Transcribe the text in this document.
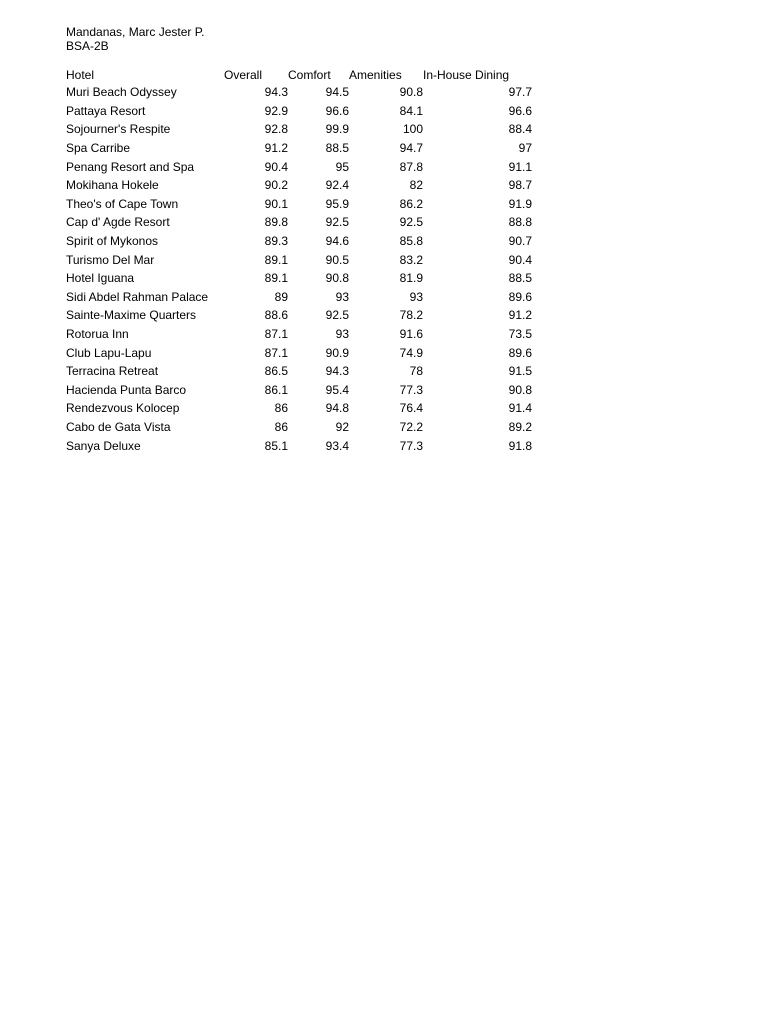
Mandanas, Marc Jester P.
BSA-2B
Hotel	Overall	Comfort	Amenities	In-House Dining
Muri Beach Odyssey	94.3	94.5	90.8	97.7
Pattaya Resort	92.9	96.6	84.1	96.6
Sojourner's Respite	92.8	99.9	100	88.4
Spa Carribe	91.2	88.5	94.7	97
Penang Resort and Spa	90.4	95	87.8	91.1
Mokihana Hokele	90.2	92.4	82	98.7
Theo's of Cape Town	90.1	95.9	86.2	91.9
Cap d' Agde Resort	89.8	92.5	92.5	88.8
Spirit of Mykonos	89.3	94.6	85.8	90.7
Turismo Del Mar	89.1	90.5	83.2	90.4
Hotel Iguana	89.1	90.8	81.9	88.5
Sidi Abdel Rahman Palace	89	93	93	89.6
Sainte-Maxime Quarters	88.6	92.5	78.2	91.2
Rotorua Inn	87.1	93	91.6	73.5
Club Lapu-Lapu	87.1	90.9	74.9	89.6
Terracina Retreat	86.5	94.3	78	91.5
Hacienda Punta Barco	86.1	95.4	77.3	90.8
Rendezvous Kolocep	86	94.8	76.4	91.4
Cabo de Gata Vista	86	92	72.2	89.2
Sanya Deluxe	85.1	93.4	77.3	91.8
